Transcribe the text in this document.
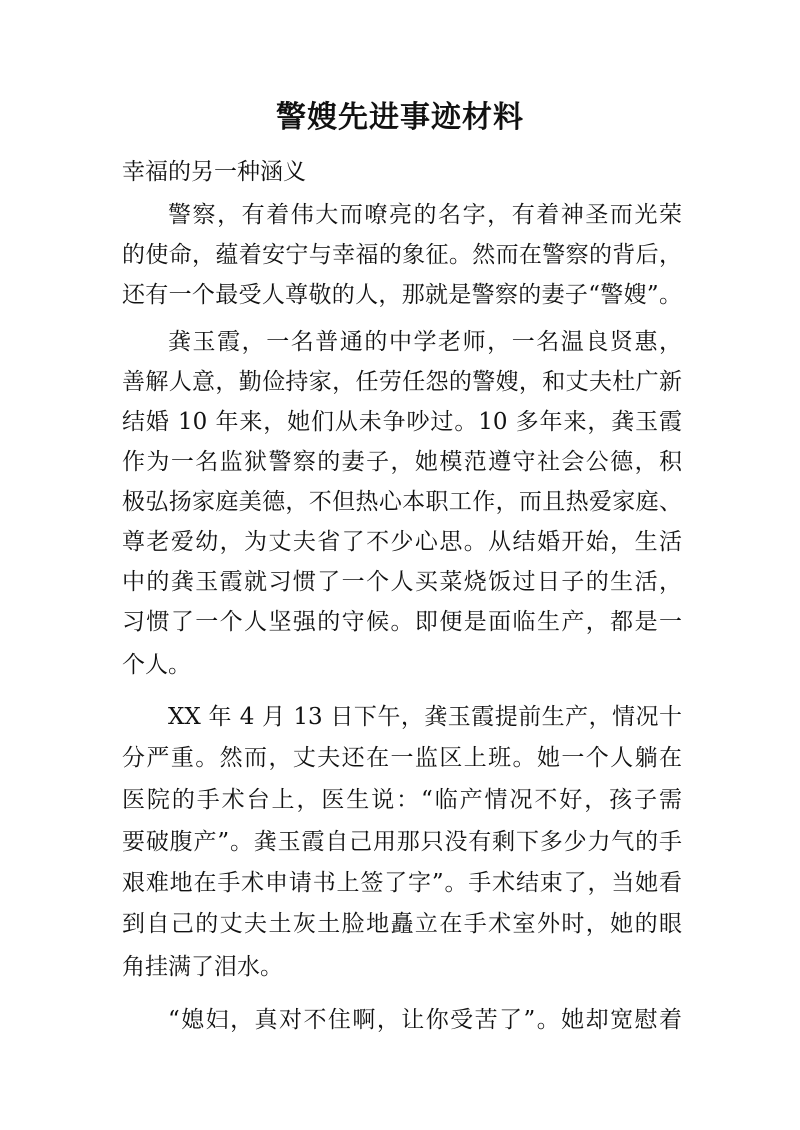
警嫂先进事迹材料
幸福的另一种涵义
警察，有着伟大而嘹亮的名字，有着神圣而光荣
的使命，蕴着安宁与幸福的象征。然而在警察的背后，
还有一个最受人尊敬的人，那就是警察的妻子“警嫂”。
龚玉霞，一名普通的中学老师，一名温良贤惠，
善解人意，勤俭持家，任劳任怨的警嫂，和丈夫杜广新
结婚 10 年来，她们从未争吵过。10 多年来，龚玉霞
作为一名监狱警察的妻子，她模范遵守社会公德，积
极弘扬家庭美德，不但热心本职工作，而且热爱家庭、
尊老爱幼，为丈夫省了不少心思。从结婚开始，生活
中的龚玉霞就习惯了一个人买菜烧饭过日子的生活，
习惯了一个人坚强的守候。即便是面临生产，都是一
个人。
XX 年 4 月 13 日下午，龚玉霞提前生产，情况十
分严重。然而，丈夫还在一监区上班。她一个人躺在
医院的手术台上，医生说：“临产情况不好，孩子需
要破腹产”。龚玉霞自己用那只没有剩下多少力气的手
艰难地在手术申请书上签了字”。手术结束了，当她看
到自己的丈夫土灰土脸地矗立在手术室外时，她的眼
角挂满了泪水。
“媳妇，真对不住啊，让你受苦了”。她却宽慰着
